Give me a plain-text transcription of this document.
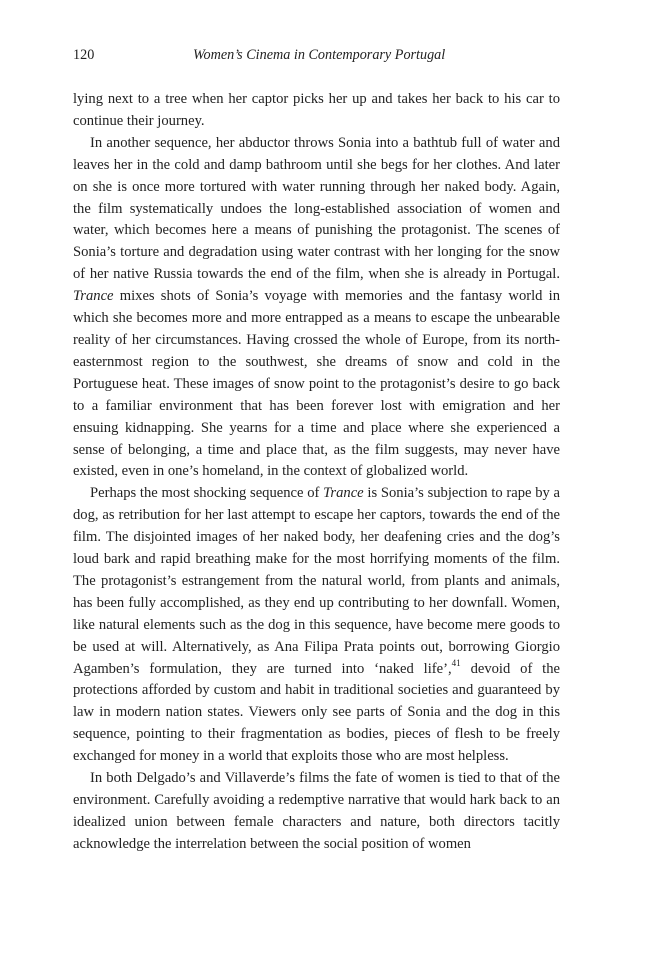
120	Women’s Cinema in Contemporary Portugal

lying next to a tree when her captor picks her up and takes her back to his car to continue their journey.

In another sequence, her abductor throws Sonia into a bathtub full of water and leaves her in the cold and damp bathroom until she begs for her clothes. And later on she is once more tortured with water running through her naked body. Again, the film systematically undoes the long-established association of women and water, which becomes here a means of punishing the protagonist. The scenes of Sonia’s torture and degradation using water contrast with her longing for the snow of her native Russia towards the end of the film, when she is already in Portugal. Trance mixes shots of Sonia’s voyage with memories and the fantasy world in which she becomes more and more entrapped as a means to escape the unbearable reality of her circumstances. Having crossed the whole of Europe, from its north-easternmost region to the southwest, she dreams of snow and cold in the Portuguese heat. These images of snow point to the protagonist’s desire to go back to a familiar environment that has been forever lost with emigration and her ensuing kidnapping. She yearns for a time and place where she experienced a sense of belonging, a time and place that, as the film suggests, may never have existed, even in one’s homeland, in the context of globalized world.

Perhaps the most shocking sequence of Trance is Sonia’s subjection to rape by a dog, as retribution for her last attempt to escape her captors, towards the end of the film. The disjointed images of her naked body, her deafening cries and the dog’s loud bark and rapid breathing make for the most horrifying moments of the film. The protagonist’s estrangement from the natural world, from plants and animals, has been fully accomplished, as they end up contributing to her downfall. Women, like natural elements such as the dog in this sequence, have become mere goods to be used at will. Alternatively, as Ana Filipa Prata points out, borrowing Giorgio Agamben’s formulation, they are turned into ‘naked life’,$^{41}$ devoid of the protections afforded by custom and habit in traditional societies and guaranteed by law in modern nation states. Viewers only see parts of Sonia and the dog in this sequence, pointing to their fragmentation as bodies, pieces of flesh to be freely exchanged for money in a world that exploits those who are most helpless.

In both Delgado’s and Villaverde’s films the fate of women is tied to that of the environment. Carefully avoiding a redemptive narrative that would hark back to an idealized union between female characters and nature, both directors tacitly acknowledge the interrelation between the social position of women
